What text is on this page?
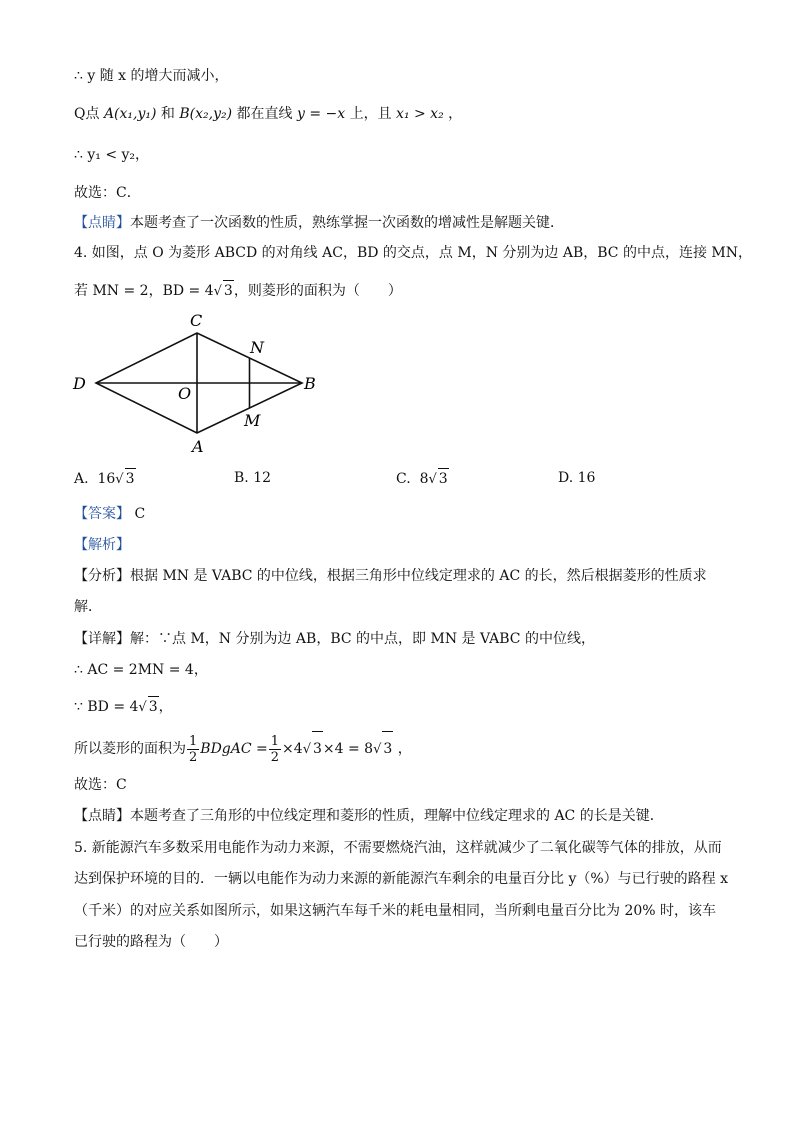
∴ y 随 x 的增大而减小，
Q点 A(x₁,y₁) 和 B(x₂,y₂) 都在直线 y = −x 上，且 x₁ > x₂ ，
∴ y₁ < y₂，
故选：C．
【点睛】本题考查了一次函数的性质，熟练掌握一次函数的增减性是解题关键．
4. 如图，点 O 为菱形 ABCD 的对角线 AC，BD 的交点，点 M，N 分别为边 AB，BC 的中点，连接 MN，
若 MN = 2，BD = 4√ 3，则菱形的面积为（　　）
C
N
D
O
B
M
A
A. 16√ 3	B. 12	C. 8√ 3	D. 16
【答案】 C
【解析】
【分析】根据 MN 是 VABC 的中位线，根据三角形中位线定理求的 AC 的长，然后根据菱形的性质求
解．
【详解】解：∵点 M，N 分别为边 AB，BC 的中点，即 MN 是 VABC 的中位线，
∴ AC = 2MN = 4，
∵ BD = 4√ 3，
所以菱形的面积为 $\frac{1}{2}$ BDgAC = $\frac{1}{2} \times 4√$ 3×4 = 8√ 3 ，
故选：C
【点睛】本题考查了三角形的中位线定理和菱形的性质，理解中位线定理求的 AC 的长是关键．
5. 新能源汽车多数采用电能作为动力来源，不需要燃烧汽油，这样就减少了二氧化碳等气体的排放，从而
达到保护环境的目的．一辆以电能作为动力来源的新能源汽车剩余的电量百分比 y（%）与已行驶的路程 x
（千米）的对应关系如图所示，如果这辆汽车每千米的耗电量相同，当所剩电量百分比为 20% 时，该车
已行驶的路程为（　　）
